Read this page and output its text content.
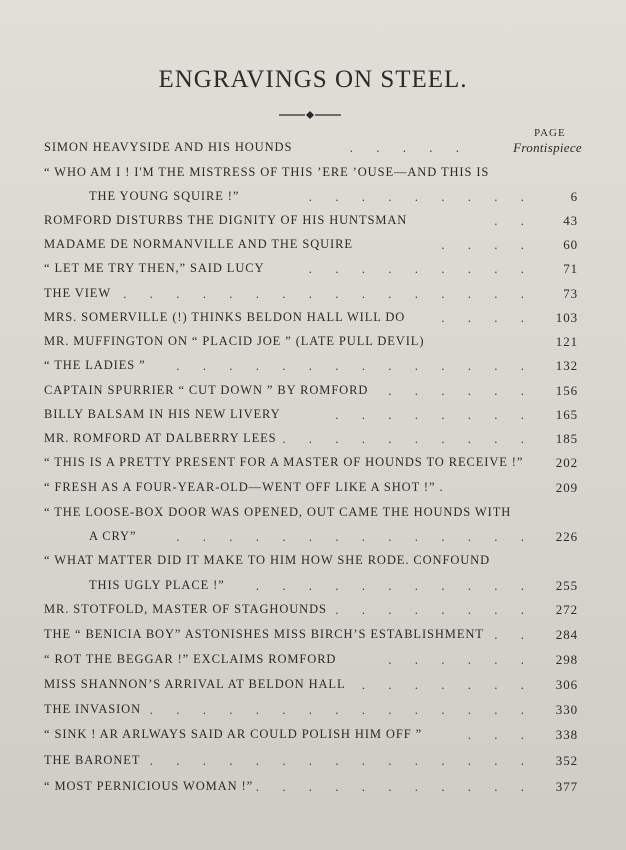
ENGRAVINGS ON STEEL.
PAGE
SIMON HEAVYSIDE AND HIS HOUNDS	. . . . .	Frontispiece
“ WHO AM I ! I'M THE MISTRESS OF THIS ’ERE ’OUSE—AND THIS IS
THE YOUNG SQUIRE !”	. . . . . . . . .	6
ROMFORD DISTURBS THE DIGNITY OF HIS HUNTSMAN	. . 43
MADAME DE NORMANVILLE AND THE SQUIRE	. . . . 60
“ LET ME TRY THEN,” SAID LUCY	. . . . . . . . . 71
THE VIEW . . . . . . . . . . . . . . . . 73
MRS. SOMERVILLE (!) THINKS BELDON HALL WILL DO	. . . . 103
MR. MUFFINGTON ON “ PLACID JOE ” (LATE PULL DEVIL)	121
“ THE LADIES ” . . . . . . . . . . . . . . 132
CAPTAIN SPURRIER “ CUT DOWN ” BY ROMFORD . . . . . . 156
BILLY BALSAM IN HIS NEW LIVERY	. . . . . . . . 165
MR. ROMFORD AT DALBERRY LEES . . . . . . . . . . 185
“ THIS IS A PRETTY PRESENT FOR A MASTER OF HOUNDS TO RECEIVE !” 202
“ FRESH AS A FOUR-YEAR-OLD—WENT OFF LIKE A SHOT !” .	209
“ THE LOOSE-BOX DOOR WAS OPENED, OUT CAME THE HOUNDS WITH
A CRY”	. . . . . . . . . . . . . . 226
“ WHAT MATTER DID IT MAKE TO HIM HOW SHE RODE. CONFOUND
THIS UGLY PLACE !” . . . . . . . . . . . 255
MR. STOTFOLD, MASTER OF STAGHOUNDS . . . . . . . . 272
THE “ BENICIA BOY” ASTONISHES MISS BIRCH’S ESTABLISHMENT . . 284
“ ROT THE BEGGAR !” EXCLAIMS ROMFORD	. . . . . . 298
MISS SHANNON’S ARRIVAL AT BELDON HALL . . . . . . . 306
THE INVASION . . . . . . . . . . . . . . . 330
“ SINK ! AR ARLWAYS SAID AR COULD POLISH HIM OFF ”	. . . 338
THE BARONET . . . . . . . . . . . . . . . 352
“ MOST PERNICIOUS WOMAN !” . . . . . . . . . . . 377
